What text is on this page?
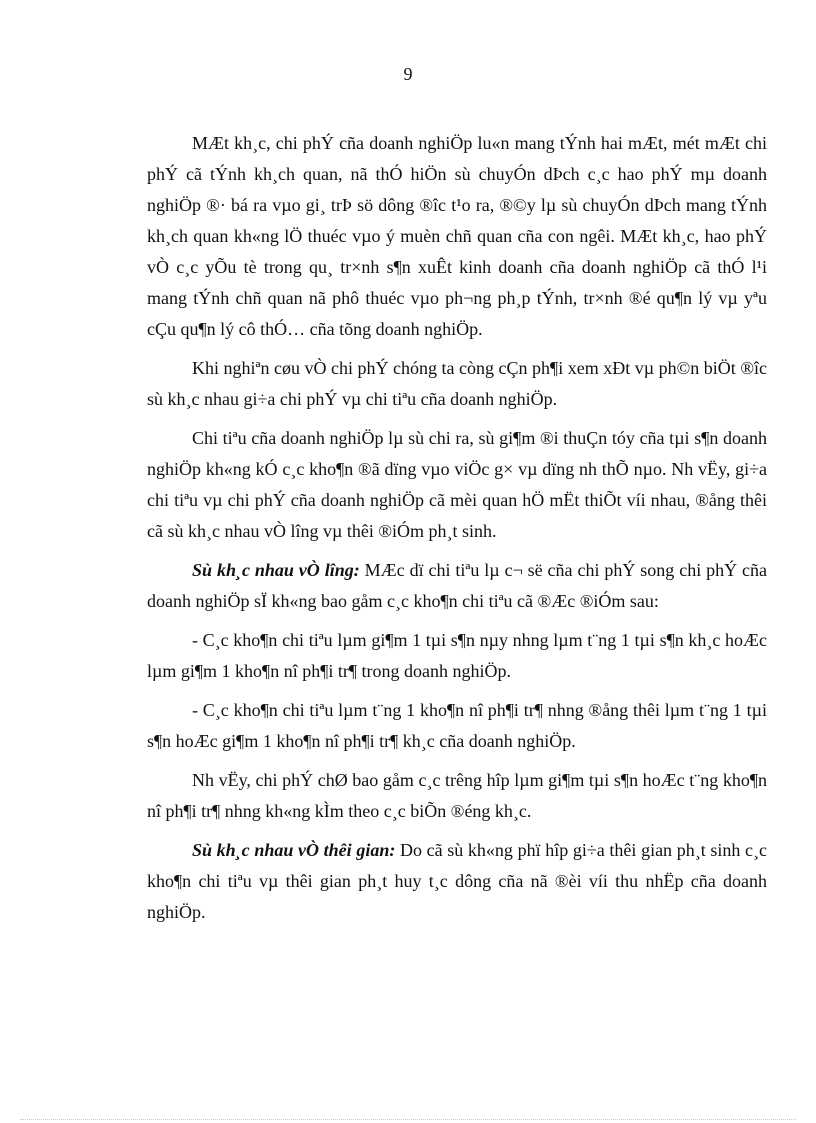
9

MÆt kh¸c, chi phÝ cña doanh nghiÖp lu«n mang tÝnh hai mÆt, mét mÆt chi phÝ cã tÝnh kh¸ch quan, nã thÓ hiÖn sù chuyÓn dÞch c¸c hao phÝ mµ doanh nghiÖp ®· bá ra vµo gi¸ trÞ sö dông ®îc t¹o ra, ®©y lµ sù chuyÓn dÞch mang tÝnh kh¸ch quan kh«ng lÖ thuéc vµo ý muèn chñ quan cña con ngêi. MÆt kh¸c, hao phÝ vÒ c¸c yÕu tè trong qu¸ tr×nh s¶n xuÊt kinh doanh cña doanh nghiÖp cã thÓ l¹i mang tÝnh chñ quan nã phô thuéc vµo ph¬ng ph¸p tÝnh, tr×nh ®é qu¶n lý vµ yªu cÇu qu¶n lý cô thÓ… cña tõng doanh nghiÖp.

Khi nghiªn cøu vÒ chi phÝ chóng ta còng cÇn ph¶i xem xÐt vµ ph©n biÖt ®îc sù kh¸c nhau gi÷a chi phÝ vµ chi tiªu cña doanh nghiÖp.

Chi tiªu cña doanh nghiÖp lµ sù chi ra, sù gi¶m ®i thuÇn tóy cña tµi s¶n doanh nghiÖp kh«ng kÓ c¸c kho¶n ®ã dïng vµo viÖc g× vµ dïng nh thÕ nµo. Nh vËy, gi÷a chi tiªu vµ chi phÝ cña doanh nghiÖp cã mèi quan hÖ mËt thiÕt víi nhau, ®ång thêi cã sù kh¸c nhau vÒ lîng vµ thêi ®iÓm ph¸t sinh.

Sù kh¸c nhau vÒ lîng: MÆc dï chi tiªu lµ c¬ së cña chi phÝ song chi phÝ cña doanh nghiÖp sÏ kh«ng bao gåm c¸c kho¶n chi tiªu cã ®Æc ®iÓm sau:

- C¸c kho¶n chi tiªu lµm gi¶m 1 tµi s¶n nµy nhng lµm t¨ng 1 tµi s¶n kh¸c hoÆc lµm gi¶m 1 kho¶n nî ph¶i tr¶ trong doanh nghiÖp.

- C¸c kho¶n chi tiªu lµm t¨ng 1 kho¶n nî ph¶i tr¶ nhng ®ång thêi lµm t¨ng 1 tµi s¶n hoÆc gi¶m 1 kho¶n nî ph¶i tr¶ kh¸c cña doanh nghiÖp.

Nh vËy, chi phÝ chØ bao gåm c¸c trêng hîp lµm gi¶m tµi s¶n hoÆc t¨ng kho¶n nî ph¶i tr¶ nhng kh«ng kÌm theo c¸c biÕn ®éng kh¸c.

Sù kh¸c nhau vÒ thêi gian: Do cã sù kh«ng phï hîp gi÷a thêi gian ph¸t sinh c¸c kho¶n chi tiªu vµ thêi gian ph¸t huy t¸c dông cña nã ®èi víi thu nhËp cña doanh nghiÖp.
